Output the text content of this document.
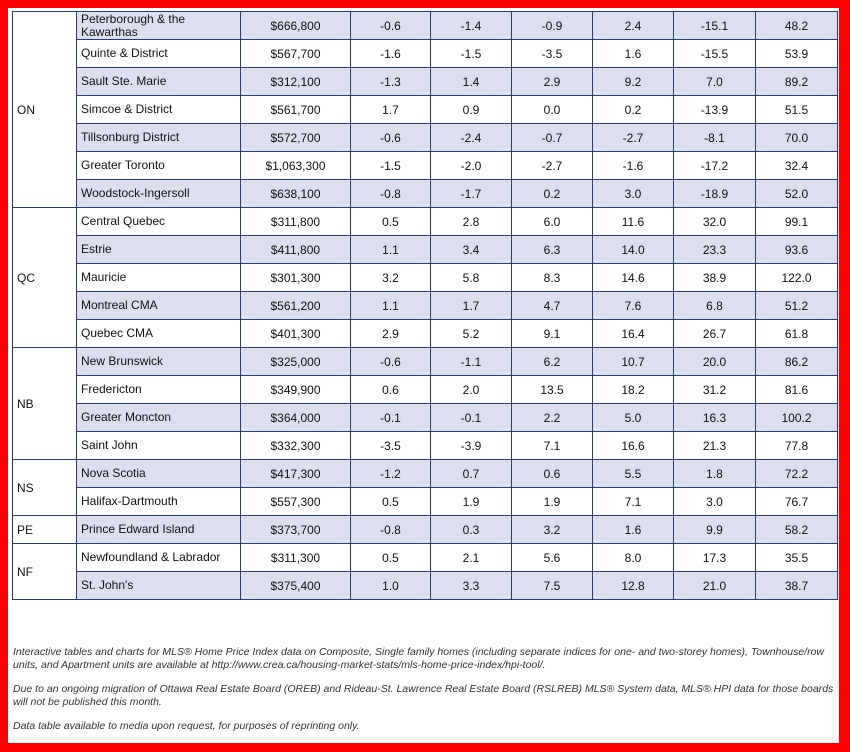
ON	Peterborough & the Kawarthas	$666,800	-0.6	-1.4	-0.9	2.4	-15.1	48.2
	Quinte & District	$567,700	-1.6	-1.5	-3.5	1.6	-15.5	53.9
	Sault Ste. Marie	$312,100	-1.3	1.4	2.9	9.2	7.0	89.2
	Simcoe & District	$561,700	1.7	0.9	0.0	0.2	-13.9	51.5
	Tillsonburg District	$572,700	-0.6	-2.4	-0.7	-2.7	-8.1	70.0
	Greater Toronto	$1,063,300	-1.5	-2.0	-2.7	-1.6	-17.2	32.4
	Woodstock-Ingersoll	$638,100	-0.8	-1.7	0.2	3.0	-18.9	52.0
QC	Central Quebec	$311,800	0.5	2.8	6.0	11.6	32.0	99.1
	Estrie	$411,800	1.1	3.4	6.3	14.0	23.3	93.6
	Mauricie	$301,300	3.2	5.8	8.3	14.6	38.9	122.0
	Montreal CMA	$561,200	1.1	1.7	4.7	7.6	6.8	51.2
	Quebec CMA	$401,300	2.9	5.2	9.1	16.4	26.7	61.8
NB	New Brunswick	$325,000	-0.6	-1.1	6.2	10.7	20.0	86.2
	Fredericton	$349,900	0.6	2.0	13.5	18.2	31.2	81.6
	Greater Moncton	$364,000	-0.1	-0.1	2.2	5.0	16.3	100.2
	Saint John	$332,300	-3.5	-3.9	7.1	16.6	21.3	77.8
NS	Nova Scotia	$417,300	-1.2	0.7	0.6	5.5	1.8	72.2
	Halifax-Dartmouth	$557,300	0.5	1.9	1.9	7.1	3.0	76.7
PE	Prince Edward Island	$373,700	-0.8	0.3	3.2	1.6	9.9	58.2
NF	Newfoundland & Labrador	$311,300	0.5	2.1	5.6	8.0	17.3	35.5
	St. John's	$375,400	1.0	3.3	7.5	12.8	21.0	38.7

Interactive tables and charts for MLS® Home Price Index data on Composite, Single family homes (including separate indices for one- and two-storey homes), Townhouse/row units, and Apartment units are available at http://www.crea.ca/housing-market-stats/mls-home-price-index/hpi-tool/.

Due to an ongoing migration of Ottawa Real Estate Board (OREB) and Rideau-St. Lawrence Real Estate Board (RSLREB) MLS® System data, MLS® HPI data for those boards will not be published this month.

Data table available to media upon request, for purposes of reprinting only.
